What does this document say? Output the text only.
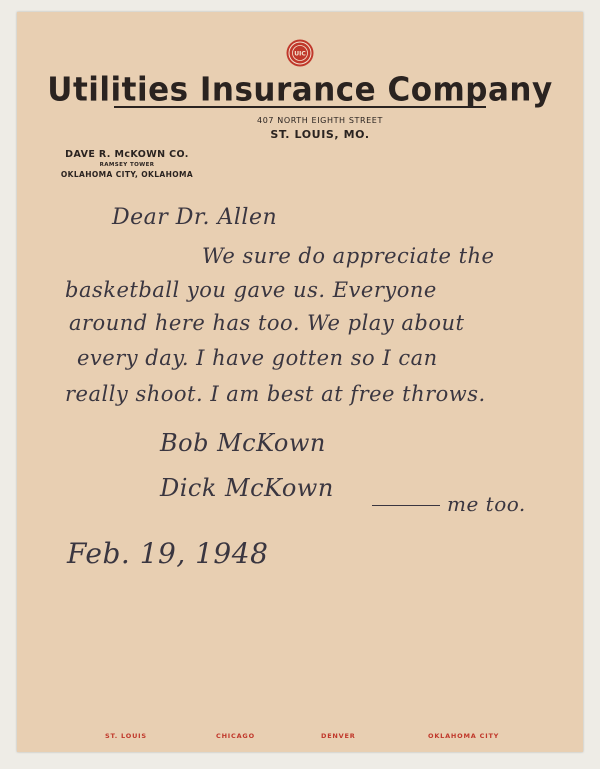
UIC
Utilities Insurance Company
407 NORTH EIGHTH STREET
ST. LOUIS, MO.
DAVE R. McKOWN CO.
RAMSEY TOWER
OKLAHOMA CITY, OKLAHOMA
Dear Dr. Allen
We sure do appreciate the
basketball you gave us. Everyone
around here has too. We play about
every day. I have gotten so I can
really shoot. I am best at free throws.
Bob McKown
Dick McKown
me too.
Feb. 19, 1948
ST. LOUIS	CHICAGO	DENVER	OKLAHOMA CITY
